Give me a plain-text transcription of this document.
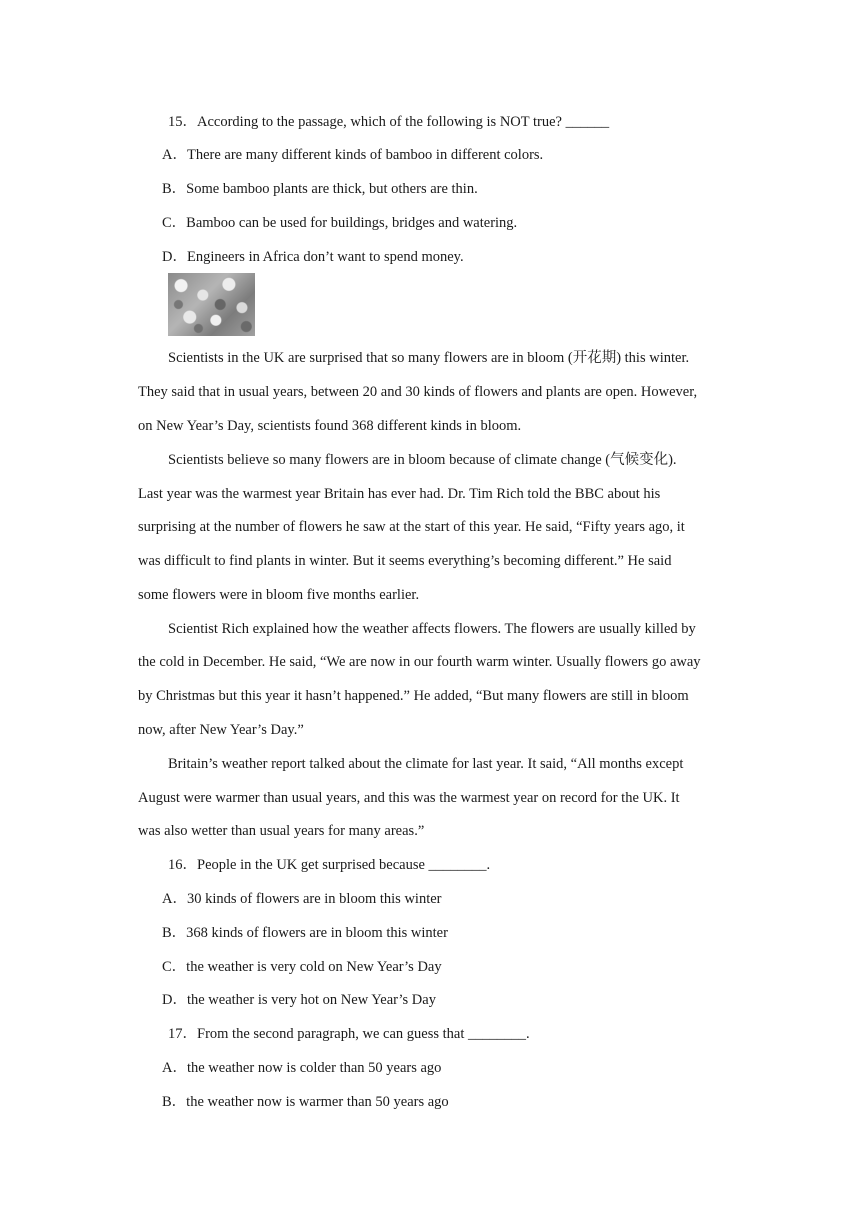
15．According to the passage, which of the following is NOT true? ______
A．There are many different kinds of bamboo in different colors.
B．Some bamboo plants are thick, but others are thin.
C．Bamboo can be used for buildings, bridges and watering.
D．Engineers in Africa don’t want to spend money.
Scientists in the UK are surprised that so many flowers are in bloom (开花期) this winter.
They said that in usual years, between 20 and 30 kinds of flowers and plants are open. However,
on New Year’s Day, scientists found 368 different kinds in bloom.
Scientists believe so many flowers are in bloom because of climate change (气候变化).
Last year was the warmest year Britain has ever had. Dr. Tim Rich told the BBC about his
surprising at the number of flowers he saw at the start of this year. He said, “Fifty years ago, it
was difficult to find plants in winter. But it seems everything’s becoming different.” He said
some flowers were in bloom five months earlier.
Scientist Rich explained how the weather affects flowers. The flowers are usually killed by
the cold in December. He said, “We are now in our fourth warm winter. Usually flowers go away
by Christmas but this year it hasn’t happened.” He added, “But many flowers are still in bloom
now, after New Year’s Day.”
Britain’s weather report talked about the climate for last year. It said, “All months except
August were warmer than usual years, and this was the warmest year on record for the UK. It
was also wetter than usual years for many areas.”
16．People in the UK get surprised because ________.
A．30 kinds of flowers are in bloom this winter
B．368 kinds of flowers are in bloom this winter
C．the weather is very cold on New Year’s Day
D．the weather is very hot on New Year’s Day
17．From the second paragraph, we can guess that ________.
A．the weather now is colder than 50 years ago
B．the weather now is warmer than 50 years ago
